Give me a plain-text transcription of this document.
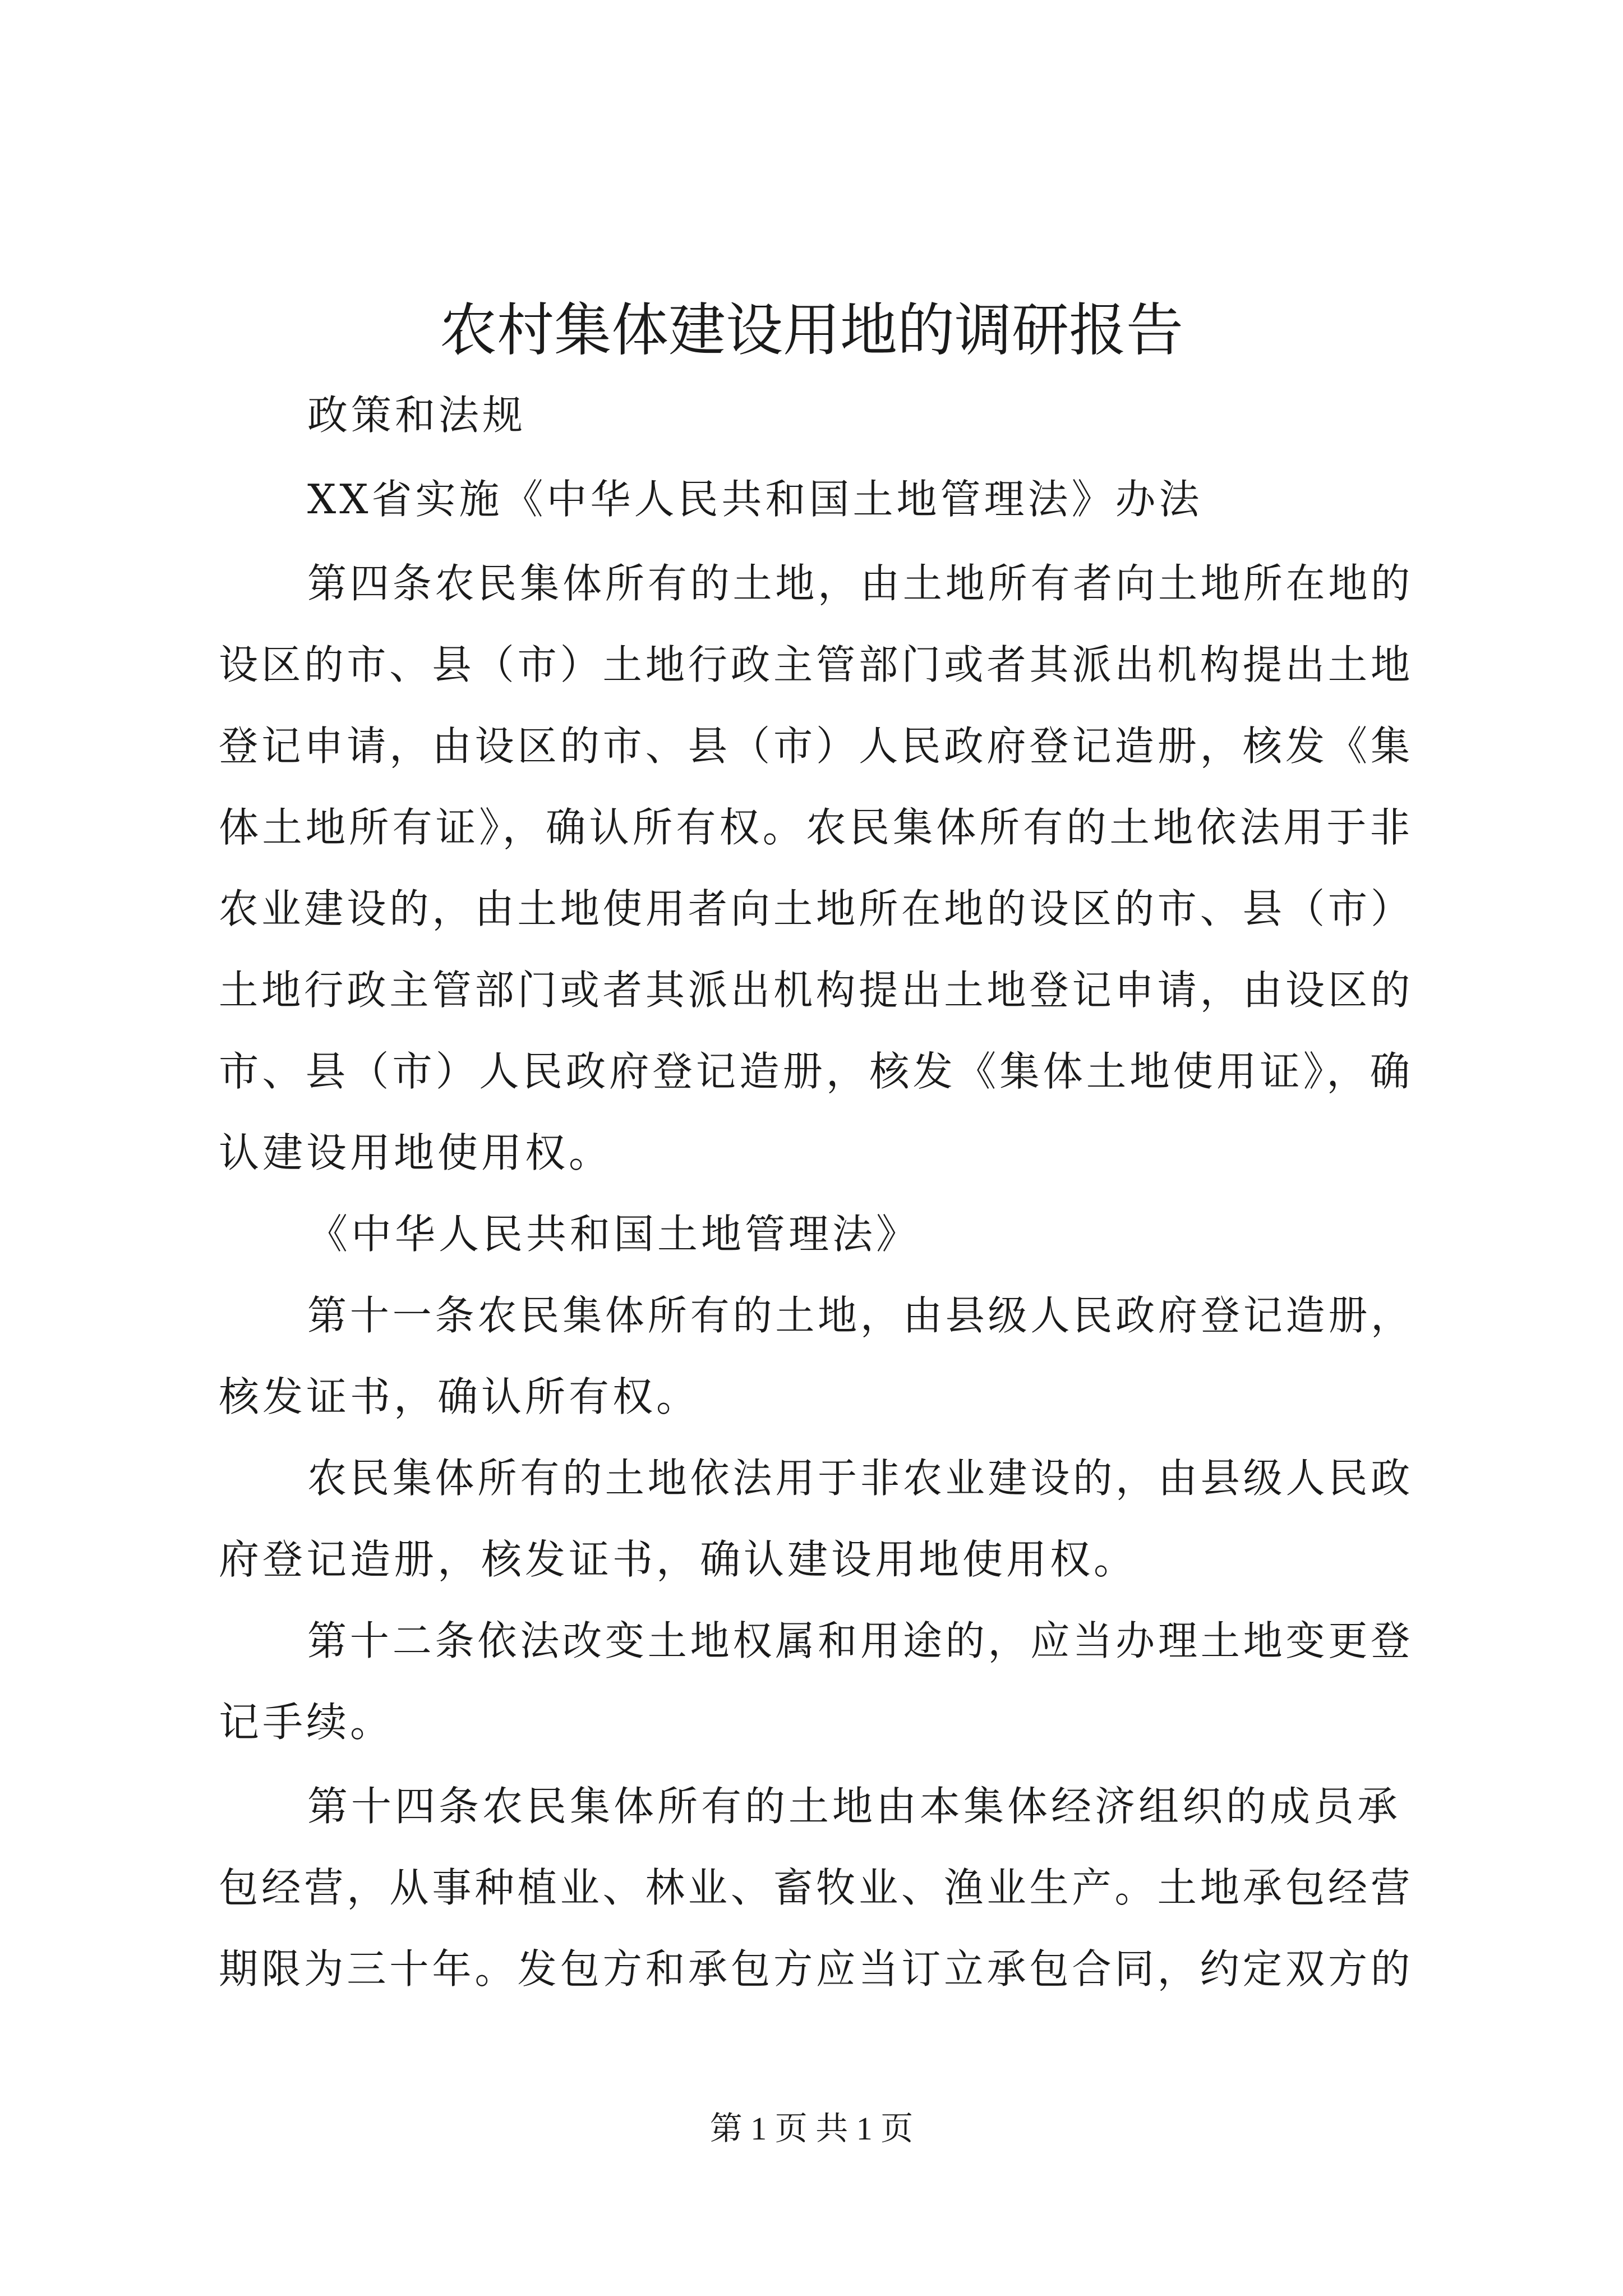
农村集体建设用地的调研报告
政策和法规
XX省实施《中华人民共和国土地管理法》办法
第四条农民集体所有的土地，由土地所有者向土地所在地的
设区的市、县（市）土地行政主管部门或者其派出机构提出土地
登记申请，由设区的市、县（市）人民政府登记造册，核发《集
体土地所有证》，确认所有权。农民集体所有的土地依法用于非
农业建设的，由土地使用者向土地所在地的设区的市、县（市）
土地行政主管部门或者其派出机构提出土地登记申请，由设区的
市、县（市）人民政府登记造册，核发《集体土地使用证》，确
认建设用地使用权。
《中华人民共和国土地管理法》
第十一条农民集体所有的土地，由县级人民政府登记造册，
核发证书，确认所有权。
农民集体所有的土地依法用于非农业建设的，由县级人民政
府登记造册，核发证书，确认建设用地使用权。
第十二条依法改变土地权属和用途的，应当办理土地变更登
记手续。
第十四条农民集体所有的土地由本集体经济组织的成员承
包经营，从事种植业、林业、畜牧业、渔业生产。土地承包经营
期限为三十年。发包方和承包方应当订立承包合同，约定双方的
第 1 页 共 1 页
